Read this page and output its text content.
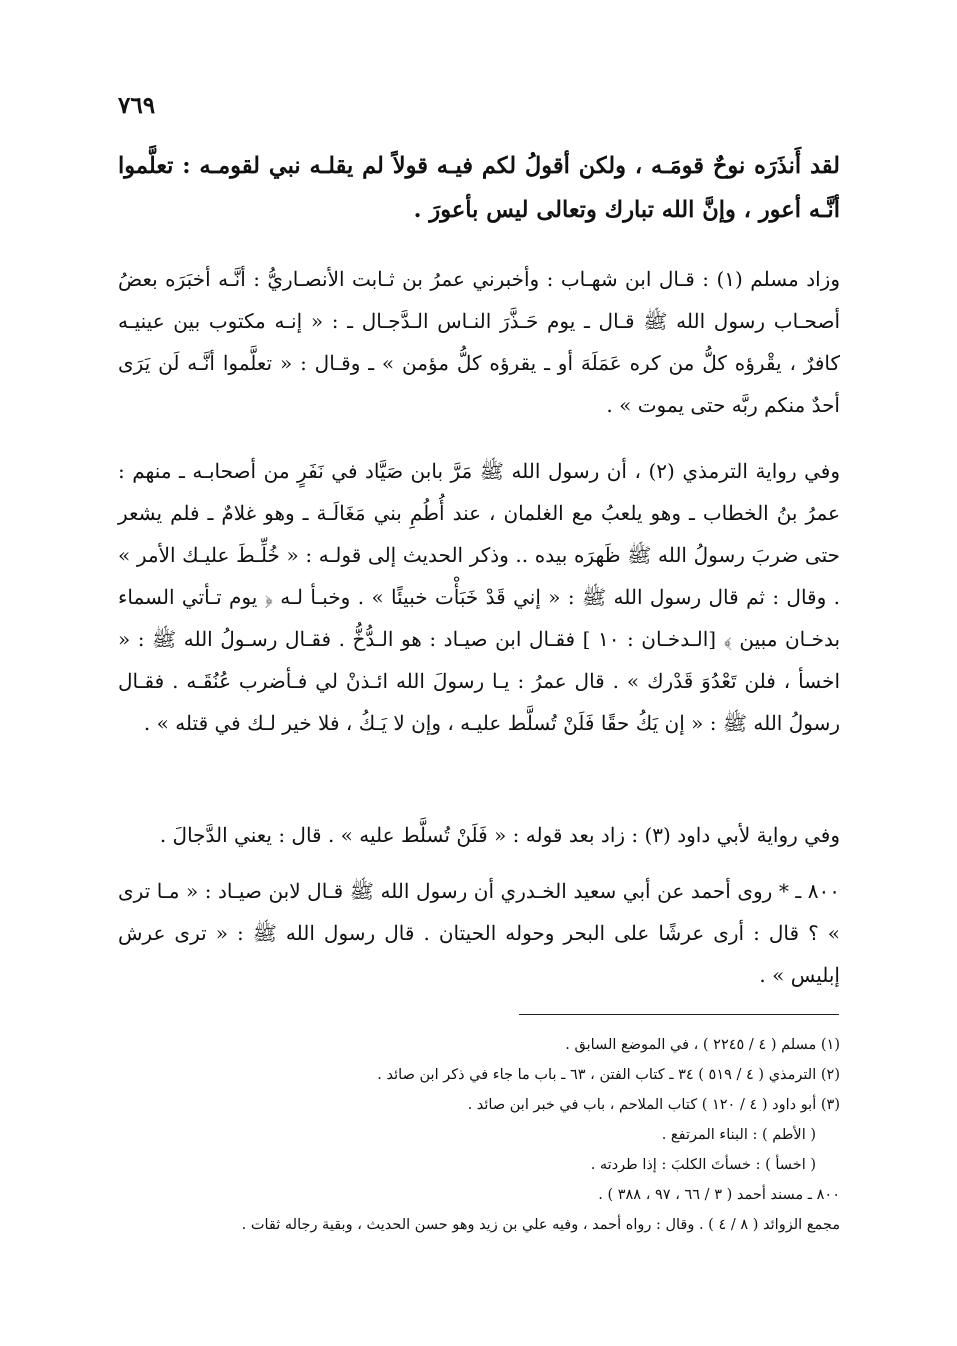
٧٦٩

لقد أَنذَرَه نوحٌ قومَـه ، ولكن أقولُ لكم فيـه قولاً لم يقلـه نبي لقومـه : تعلَّموا أنَّـه أعور ، وإنَّ الله تبارك وتعالى ليس بأعورَ .

وزاد مسلم (١) : قـال ابن شهـاب : وأخبرني عمرُ بن ثـابت الأنصـاريُّ : أنَّـه أخبَرَه بعضُ أصحـاب رسول الله ﷺ قـال ـ يوم حَـذَّرَ النـاس الـدَّجـال ـ : « إنـه مكتوب بين عينيـه كافرٌ ، يقْرؤه كلُّ من كره عَمَلَهَ أو ـ يقرؤه كلُّ مؤمن » ـ وقـال : « تعلَّموا أنَّـه لَن يَرَى أحدٌ منكم ربَّه حتى يموت » .

وفي رواية الترمذي (٢) ، أن رسول الله ﷺ مَرَّ بابن صَيَّاد في نَفَرٍ من أصحابـه ـ منهم : عمرُ بنُ الخطاب ـ وهو يلعبُ مع الغلمان ، عند أُطُمِ بني مَغَالَـة ـ وهو غلامٌ ـ فلم يشعر حتى ضربَ رسولُ الله ﷺ ظَهرَه بيده .. وذكر الحديث إلى قولـه : « خُلِّـطَ عليـك الأمر » . وقال : ثم قال رسول الله ﷺ : « إني قَدْ خَبَأْت خبيئًا » . وخبـأ لـه ﴿ يوم تـأتي السماء بدخـان مبين ﴾ [الـدخـان : ١٠ ] فقـال ابن صيـاد : هو الـدُّخُّ . فقـال رسـولُ الله ﷺ : « اخسأ ، فلن تَعْدُوَ قَدْرك » . قال عمرُ : يـا رسولَ الله ائـذنْ لي فـأضرب عُنُقَـه . فقـال رسولُ الله ﷺ : « إن يَكُ حقًا فَلَنْ تُسلَّط عليـه ، وإن لا يَـكُ ، فلا خير لـك في قتله » .

وفي رواية لأبي داود (٣) : زاد بعد قوله : « فَلَنْ تُسلَّط عليه » . قال : يعني الدَّجالَ .

٨٠٠ ـ * روى أحمد عن أبي سعيد الخـدري أن رسول الله ﷺ قـال لابن صيـاد : « مـا ترى » ؟ قال : أرى عرشًا على البحر وحوله الحيتان . قال رسول الله ﷺ : « ترى عرش إبليس » .

(١) مسلم ( ٤ / ٢٢٤٥ ) ، في الموضع السابق .
(٢) الترمذي ( ٤ / ٥١٩ ) ٣٤ ـ كتاب الفتن ، ٦٣ ـ باب ما جاء في ذكر ابن صائد .
(٣) أبو داود ( ٤ / ١٢٠ ) كتاب الملاحم ، باب في خبر ابن صائد .
( الأطم ) : البناء المرتفع .
( اخسأ ) : خسأتَ الكلبَ : إذا طردته .
٨٠٠ ـ مسند أحمد ( ٣ / ٦٦ ، ٩٧ ، ٣٨٨ ) .
مجمع الزوائد ( ٨ / ٤ ) . وقال : رواه أحمد ، وفيه علي بن زيد وهو حسن الحديث ، وبقية رجاله ثقات .
